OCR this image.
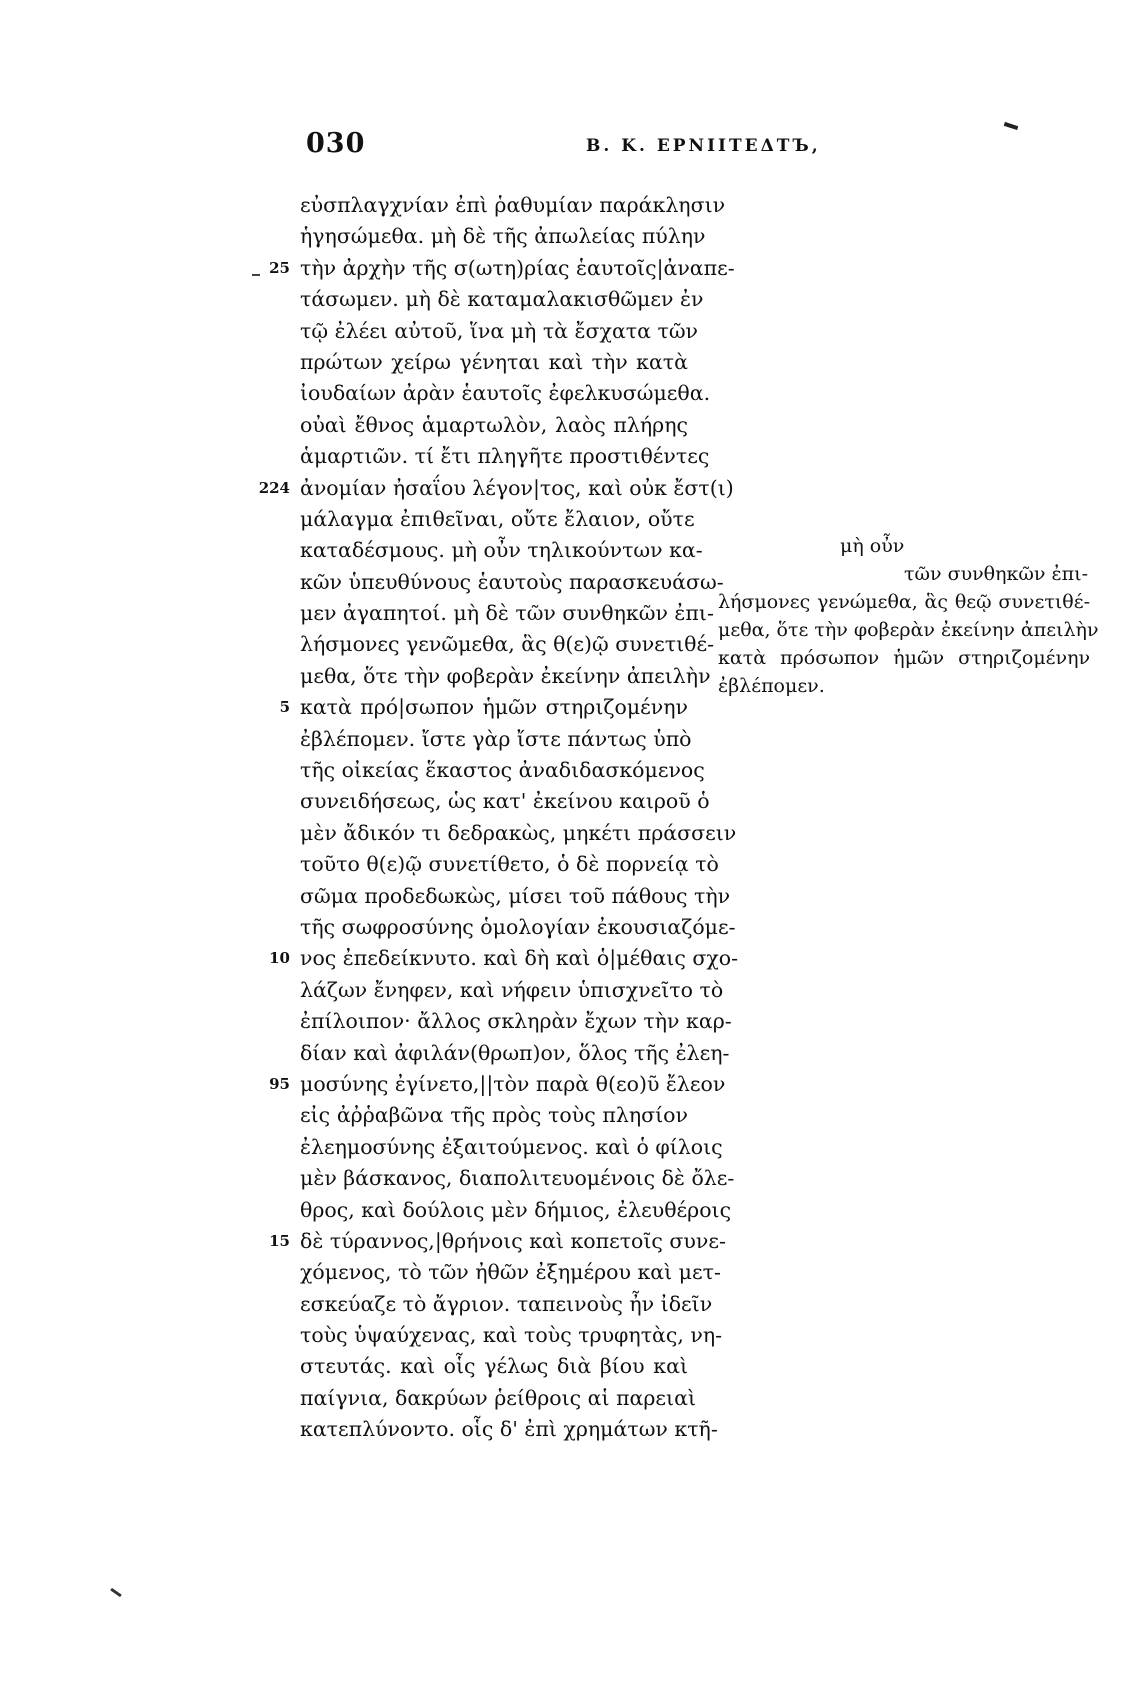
030	Β. Κ. ΕΡΝΙΙΤΕΔΤЪ,
εὐσπλαγχνίαν ἐπὶ ῥαθυμίαν παράκλησιν
ἡγησώμεθα. μὴ δὲ τῆς ἀπωλείας πύλην
25 τὴν ἀρχὴν τῆς σ(ωτη)ρίας ἑαυτοῖς|ἀναπε-
τάσωμεν. μὴ δὲ καταμαλακισθῶμεν ἐν
τῷ ἐλέει αὐτοῦ, ἵνα μὴ τὰ ἔσχατα τῶν
πρώτων χείρω γένηται καὶ τὴν κατὰ
ἰουδαίων ἀρὰν ἑαυτοῖς ἐφελκυσώμεθα.
οὐαὶ ἔθνος ἁμαρτωλὸν, λαὸς πλήρης
ἁμαρτιῶν. τί ἔτι πληγῆτε προστιθέντες
224 ἀνομίαν ἠσαΐου λέγον|τος, καὶ οὐκ ἔστ(ι)
μάλαγμα ἐπιθεῖναι, οὔτε ἔλαιον, οὔτε
καταδέσμους. μὴ οὖν τηλικούντων κα-
κῶν ὑπευθύνους ἑαυτοὺς παρασκευάσω-
μεν ἀγαπητοί. μὴ δὲ τῶν συνθηκῶν ἐπι-
λήσμονες γενῶμεθα, ἃς θ(ε)ῷ συνετιθέ-
μεθα, ὅτε τὴν φοβερὰν ἐκείνην ἀπειλὴν
5 κατὰ πρό|σωπον ἡμῶν στηριζομένην
ἐβλέπομεν. ἴστε γὰρ ἴστε πάντως ὑπὸ
τῆς οἰκείας ἕκαστος ἀναδιδασκόμενος
συνειδήσεως, ὡς κατ' ἐκείνου καιροῦ ὁ
μὲν ἄδικόν τι δεδρακὼς, μηκέτι πράσσειν
τοῦτο θ(ε)ῷ συνετίθετο, ὁ δὲ πορνείᾳ τὸ
σῶμα προδεδωκὼς, μίσει τοῦ πάθους τὴν
τῆς σωφροσύνης ὁμολογίαν ἐκουσιαζόμε-
10 νος ἐπεδείκνυτο. καὶ δὴ καὶ ὁ|μέθαις σχο-
λάζων ἔνηφεν, καὶ νήφειν ὑπισχνεῖτο τὸ
ἐπίλοιπον· ἄλλος σκληρὰν ἔχων τὴν καρ-
δίαν καὶ ἀφιλάν(θρωπ)ον, ὅλος τῆς ἐλεη-
95 μοσύνης ἐγίνετο,||τὸν παρὰ θ(εο)ῦ ἔλεον
εἰς ἀῤῥαβῶνα τῆς πρὸς τοὺς πλησίον
ἐλεημοσύνης ἐξαιτούμενος. καὶ ὁ φίλοις
μὲν βάσκανος, διαπολιτευομένοις δὲ ὄλε-
θρος, καὶ δούλοις μὲν δήμιος, ἐλευθέροις
15 δὲ τύραννος,|θρήνοις καὶ κοπετοῖς συνε-
χόμενος, τὸ τῶν ἠθῶν ἐξημέρου καὶ μετ-
εσκεύαζε τὸ ἄγριον. ταπεινοὺς ἦν ἰδεῖν
τοὺς ὑψαύχενας, καὶ τοὺς τρυφητὰς, νη-
στευτάς. καὶ οἷς γέλως διὰ βίου καὶ
παίγνια, δακρύων ῥείθροις αἱ παρειαὶ
κατεπλύνοντο. οἷς δ' ἐπὶ χρημάτων κτῆ-
μὴ οὖν
τῶν συνθηκῶν ἐπι-
λήσμονες γενώμεθα, ἃς θεῷ συνετιθέ-
μεθα, ὅτε τὴν φοβερὰν ἐκείνην ἀπειλὴν
κατὰ πρόσωπον ἡμῶν στηριζομένην
ἐβλέπομεν.
